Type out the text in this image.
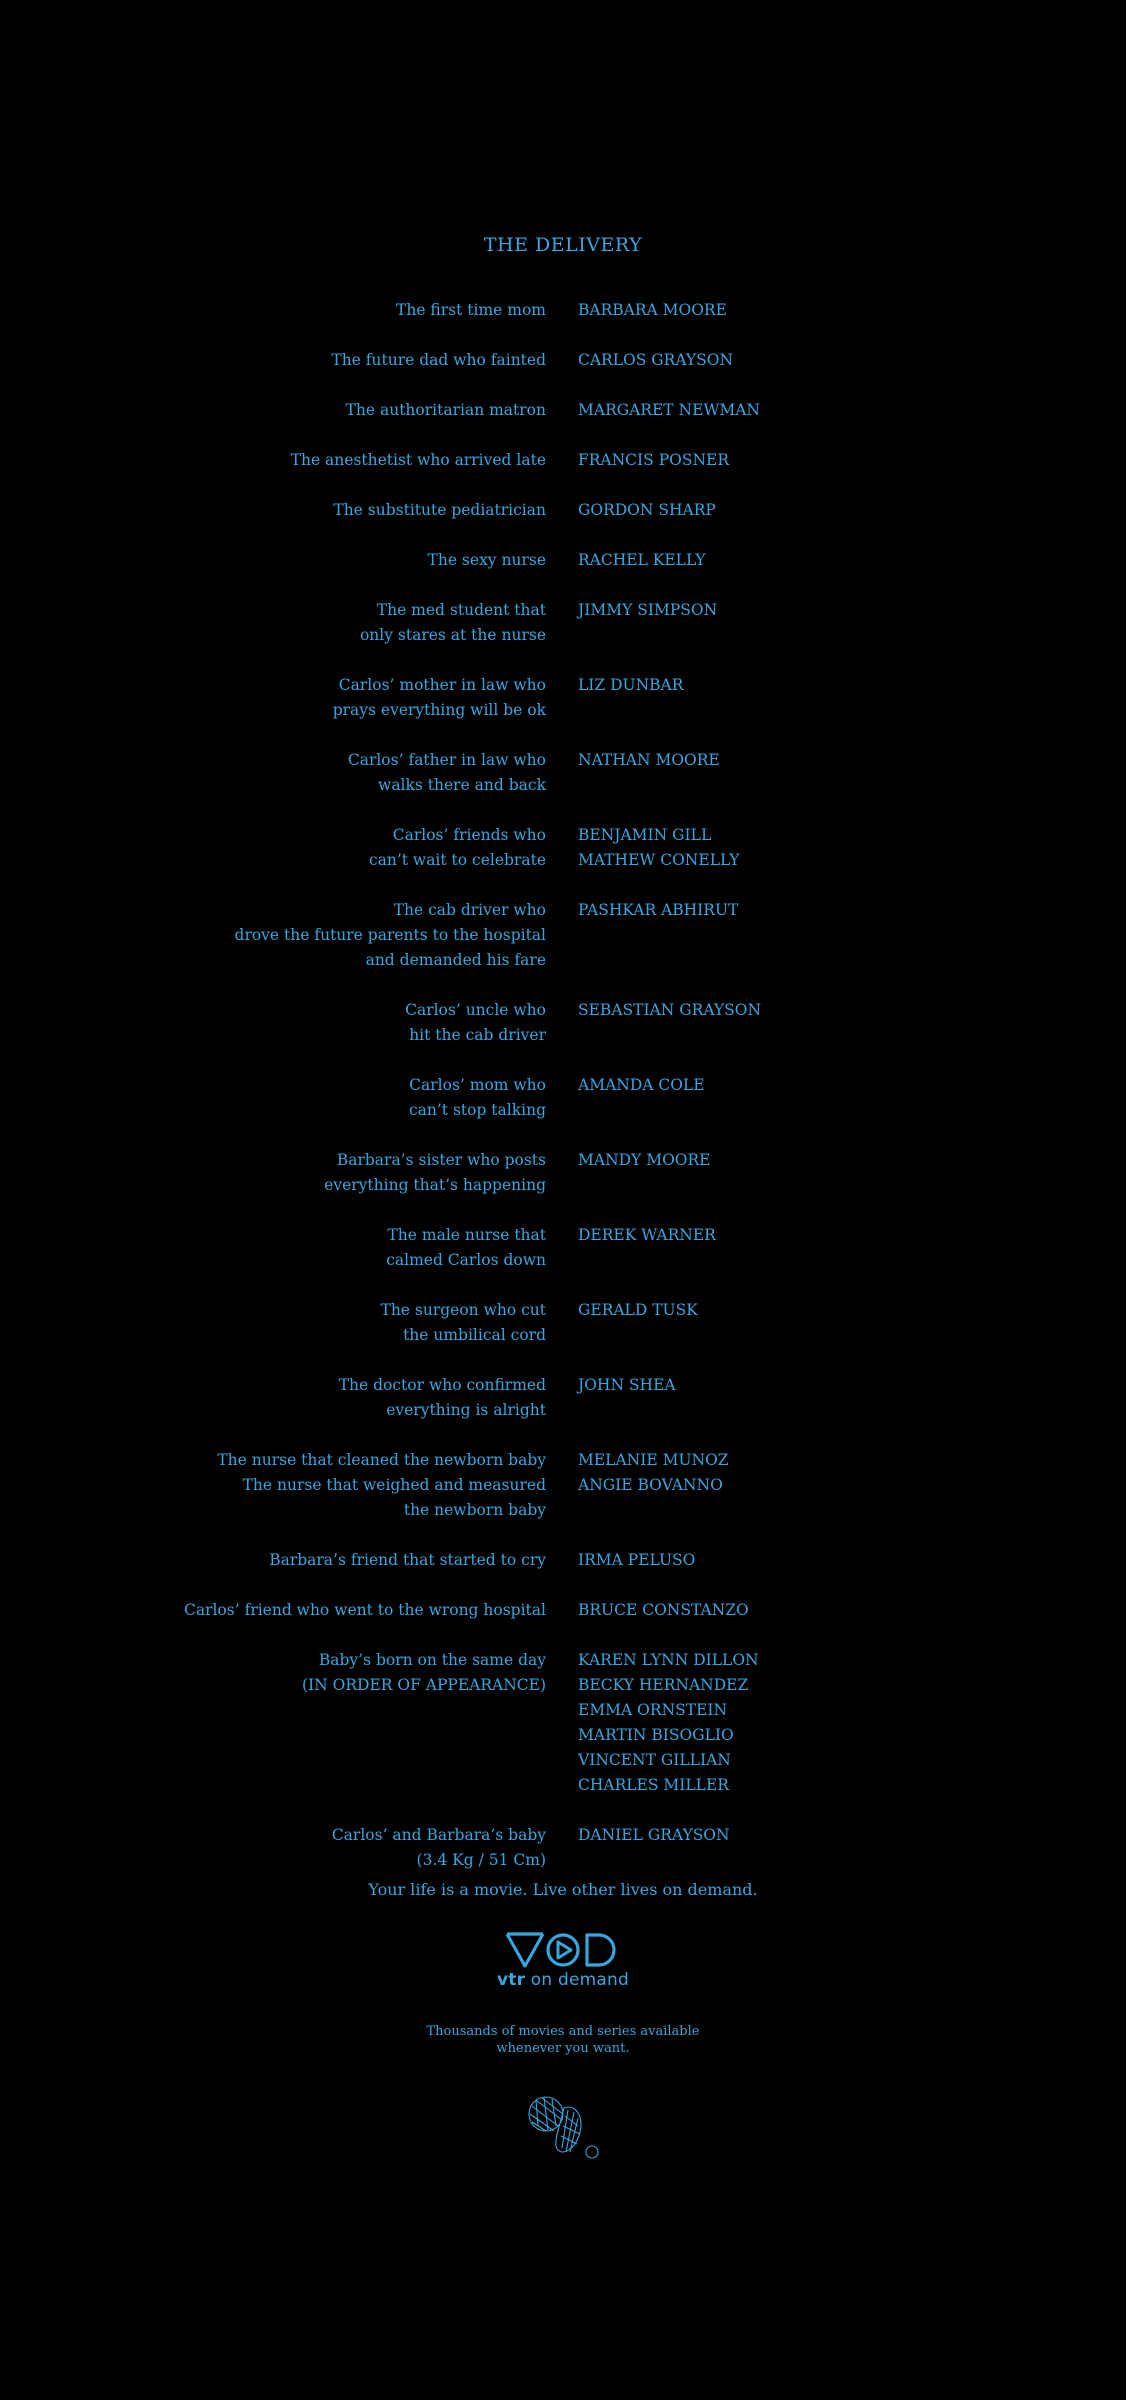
THE DELIVERY
The first time mom BARBARA MOORE
The future dad who fainted CARLOS GRAYSON
The authoritarian matron MARGARET NEWMAN
The anesthetist who arrived late FRANCIS POSNER
The substitute pediatrician GORDON SHARP
The sexy nurse RACHEL KELLY
The med student that
only stares at the nurse
JIMMY SIMPSON
Carlos’ mother in law who
prays everything will be ok
LIZ DUNBAR
Carlos’ father in law who
walks there and back
NATHAN MOORE
Carlos’ friends who
can’t wait to celebrate
BENJAMIN GILL
MATHEW CONELLY
The cab driver who
drove the future parents to the hospital
and demanded his fare
PASHKAR ABHIRUT
Carlos’ uncle who
hit the cab driver
SEBASTIAN GRAYSON
Carlos’ mom who
can’t stop talking
AMANDA COLE
Barbara’s sister who posts
everything that’s happening
MANDY MOORE
The male nurse that
calmed Carlos down
DEREK WARNER
The surgeon who cut
the umbilical cord
GERALD TUSK
The doctor who confirmed
everything is alright
JOHN SHEA
The nurse that cleaned the newborn baby
The nurse that weighed and measured
the newborn baby
MELANIE MUNOZ
ANGIE BOVANNO
Barbara’s friend that started to cry IRMA PELUSO
Carlos’ friend who went to the wrong hospital BRUCE CONSTANZO
Baby’s born on the same day
(IN ORDER OF APPEARANCE)
KAREN LYNN DILLON
BECKY HERNANDEZ
EMMA ORNSTEIN
MARTIN BISOGLIO
VINCENT GILLIAN
CHARLES MILLER
Carlos’ and Barbara’s baby
(3.4 Kg / 51 Cm)
DANIEL GRAYSON
Your life is a movie. Live other lives on demand.
vtr on demand
Thousands of movies and series available
whenever you want.
